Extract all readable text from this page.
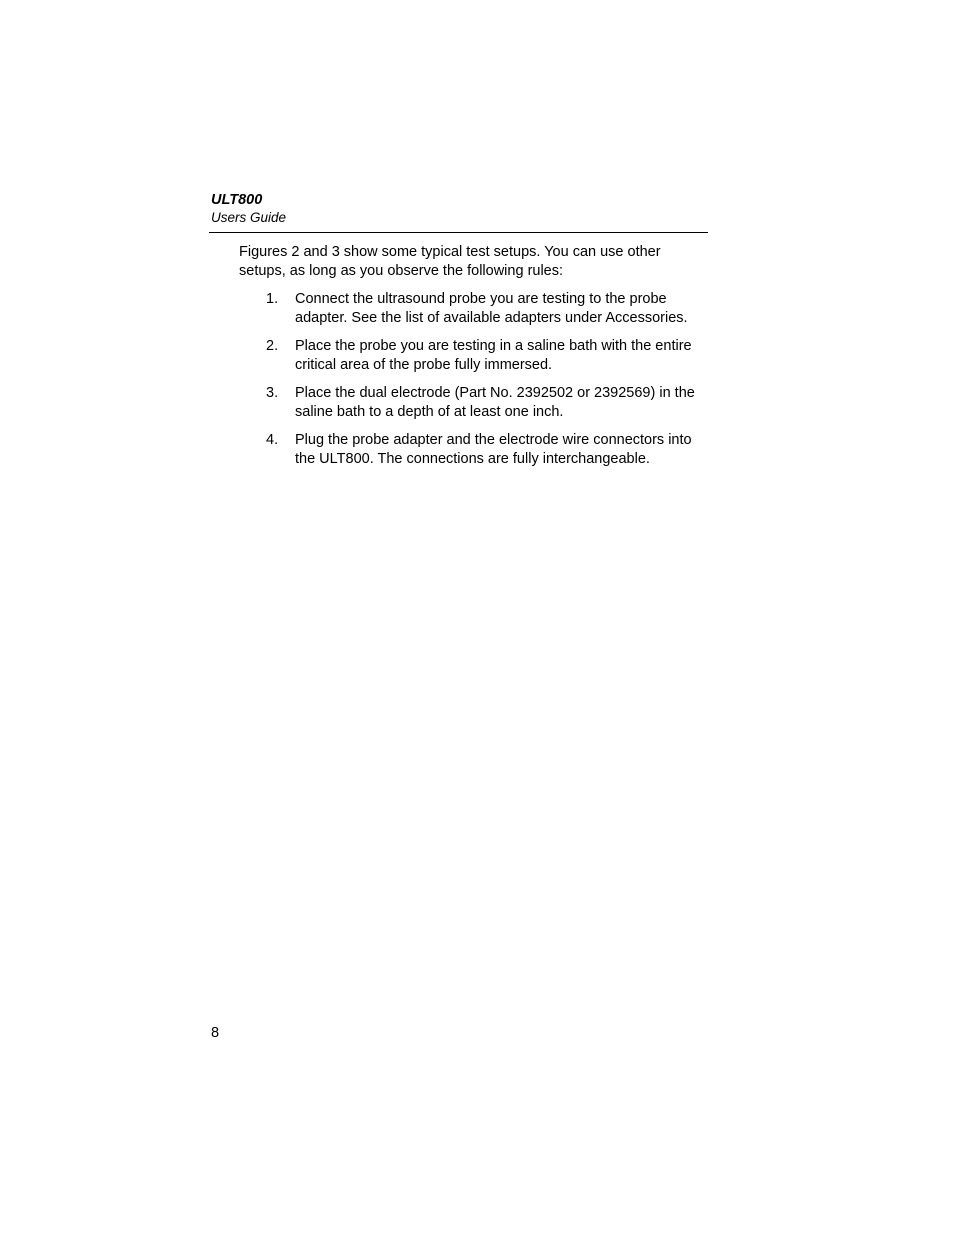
ULT800

Users Guide

Figures 2 and 3 show some typical test setups. You can use other setups, as long as you observe the following rules:

1. Connect the ultrasound probe you are testing to the probe adapter. See the list of available adapters under Accessories.
2. Place the probe you are testing in a saline bath with the entire critical area of the probe fully immersed.
3. Place the dual electrode (Part No. 2392502 or 2392569) in the saline bath to a depth of at least one inch.
4. Plug the probe adapter and the electrode wire connectors into the ULT800. The connections are fully interchangeable.
8
